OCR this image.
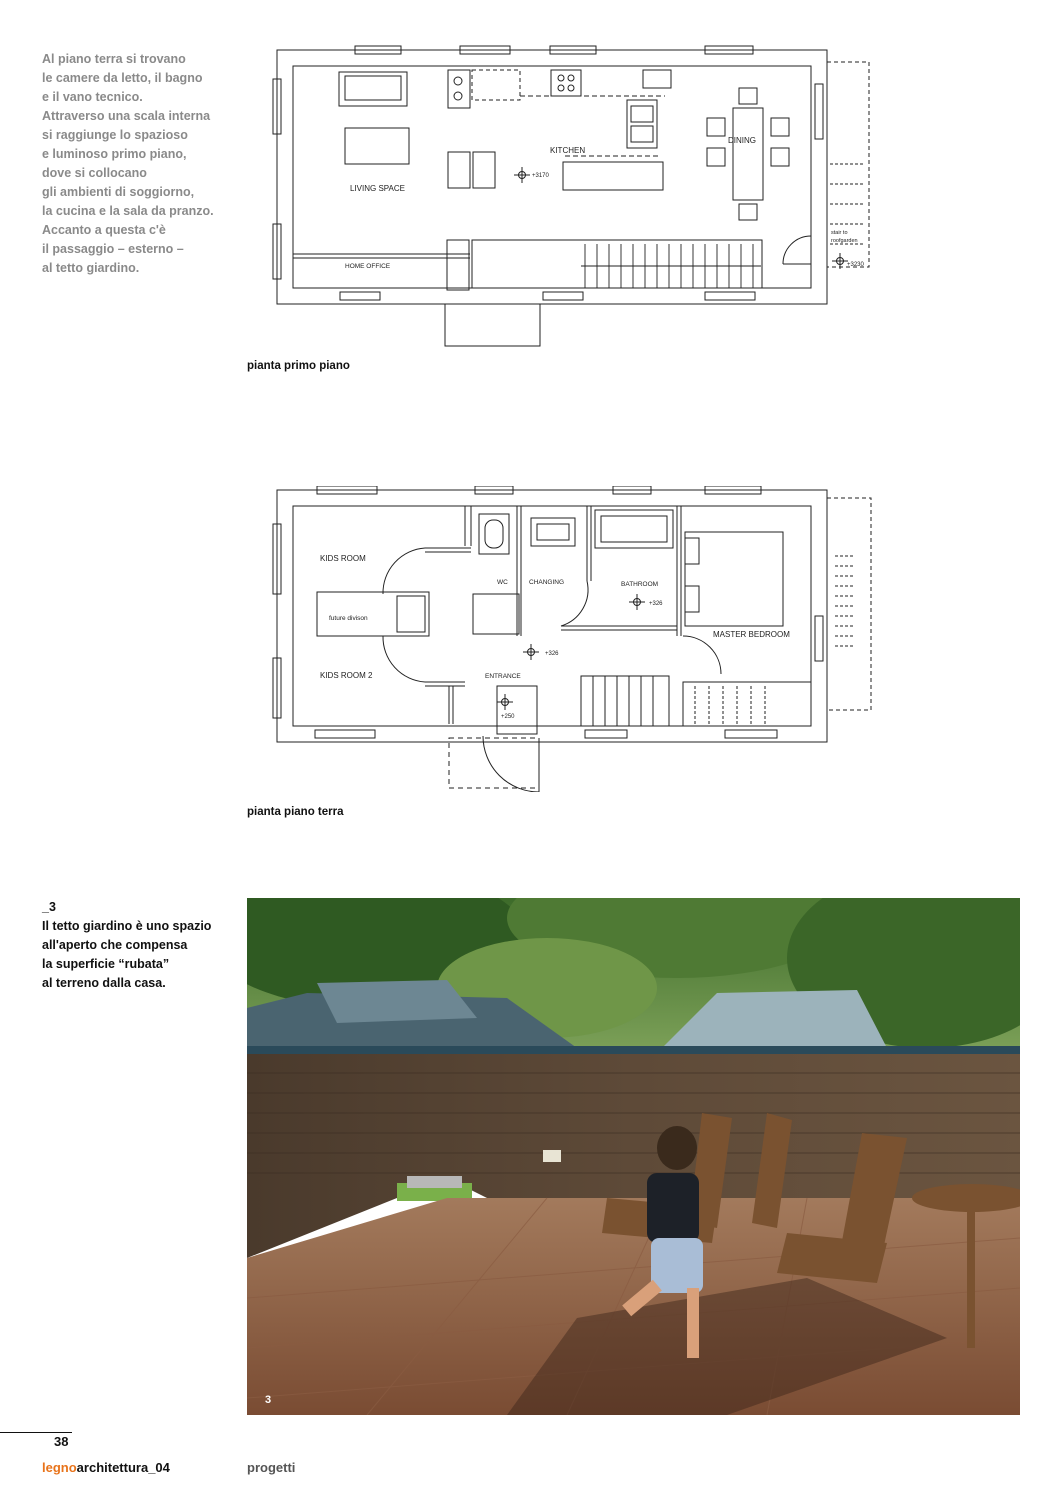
Al piano terra si trovano
le camere da letto, il bagno
e il vano tecnico.
Attraverso una scala interna
si raggiunge lo spazioso
e luminoso primo piano,
dove si collocano
gli ambienti di soggiorno,
la cucina e la sala da pranzo.
Accanto a questa c'è
il passaggio – esterno –
al tetto giardino.
LIVING SPACE
KITCHEN
DINING
HOME OFFICE
stair to
roofgarden
+3170
+3230
pianta primo piano
KIDS ROOM
KIDS ROOM 2
future divison
WC	CHANGING	BATHROOM
MASTER BEDROOM
ENTRANCE
+326
+326
+250
pianta piano terra
_3
Il tetto giardino è uno spazio
all'aperto che compensa
la superficie “rubata”
al terreno dalla casa.
3
38
legnoarchitettura_04	progetti
